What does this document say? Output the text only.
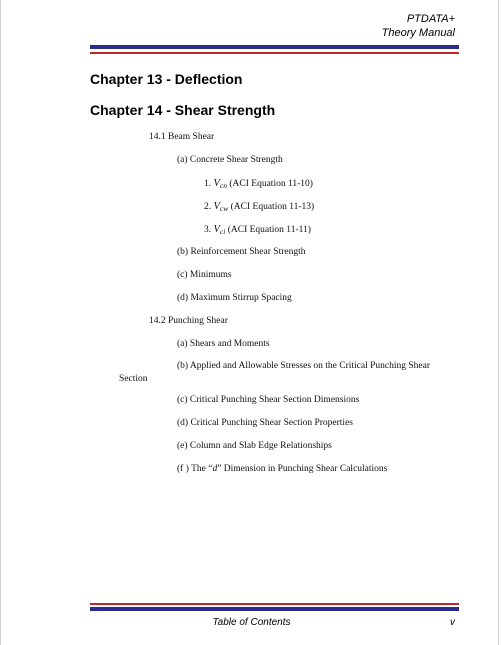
PTDATA+
Theory Manual
Chapter 13 - Deflection
Chapter 14 - Shear Strength
14.1 Beam Shear
(a) Concrete Shear Strength
1. $V_{cn}$ (ACI Equation 11-10)
2. $V_{cw}$ (ACI Equation 11-13)
3. $V_{ci}$ (ACI Equation 11-11)
(b) Reinforcement Shear Strength
(c) Minimums
(d) Maximum Stirrup Spacing
14.2 Punching Shear
(a) Shears and Moments
(b) Applied and Allowable Stresses on the Critical Punching Shear
Section
(c) Critical Punching Shear Section Dimensions
(d) Critical Punching Shear Section Properties
(e) Column and Slab Edge Relationships
(f ) The “d” Dimension in Punching Shear Calculations
Table of Contents	v
